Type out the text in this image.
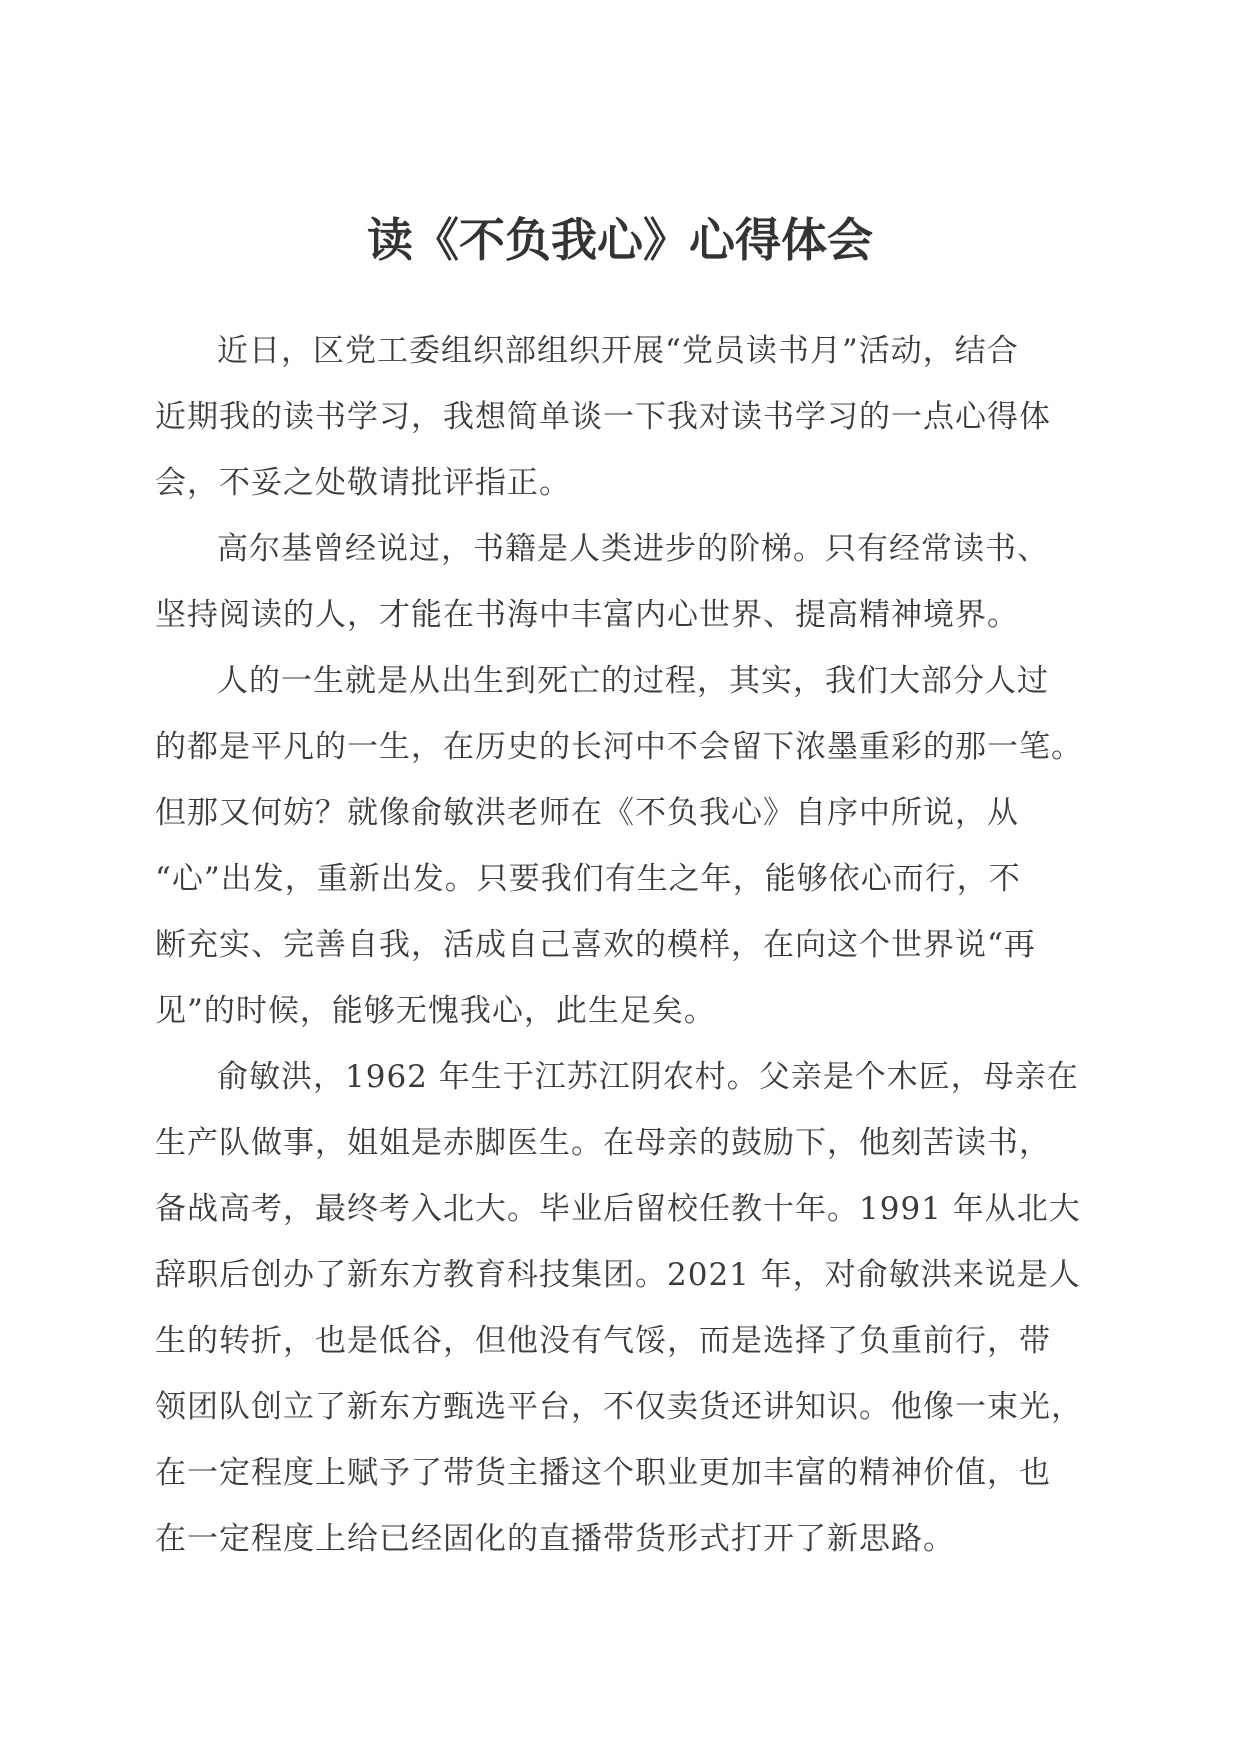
读《不负我心》心得体会
近日，区党工委组织部组织开展“党员读书月”活动，结合
近期我的读书学习，我想简单谈一下我对读书学习的一点心得体
会，不妥之处敬请批评指正。
高尔基曾经说过，书籍是人类进步的阶梯。只有经常读书、
坚持阅读的人，才能在书海中丰富内心世界、提高精神境界。
人的一生就是从出生到死亡的过程，其实，我们大部分人过
的都是平凡的一生，在历史的长河中不会留下浓墨重彩的那一笔。
但那又何妨？就像俞敏洪老师在《不负我心》自序中所说，从
“心”出发，重新出发。只要我们有生之年，能够依心而行，不
断充实、完善自我，活成自己喜欢的模样，在向这个世界说“再
见”的时候，能够无愧我心，此生足矣。
俞敏洪，1962 年生于江苏江阴农村。父亲是个木匠，母亲在
生产队做事，姐姐是赤脚医生。在母亲的鼓励下，他刻苦读书，
备战高考，最终考入北大。毕业后留校任教十年。1991 年从北大
辞职后创办了新东方教育科技集团。2021 年，对俞敏洪来说是人
生的转折，也是低谷，但他没有气馁，而是选择了负重前行，带
领团队创立了新东方甄选平台，不仅卖货还讲知识。他像一束光，
在一定程度上赋予了带货主播这个职业更加丰富的精神价值，也
在一定程度上给已经固化的直播带货形式打开了新思路。
